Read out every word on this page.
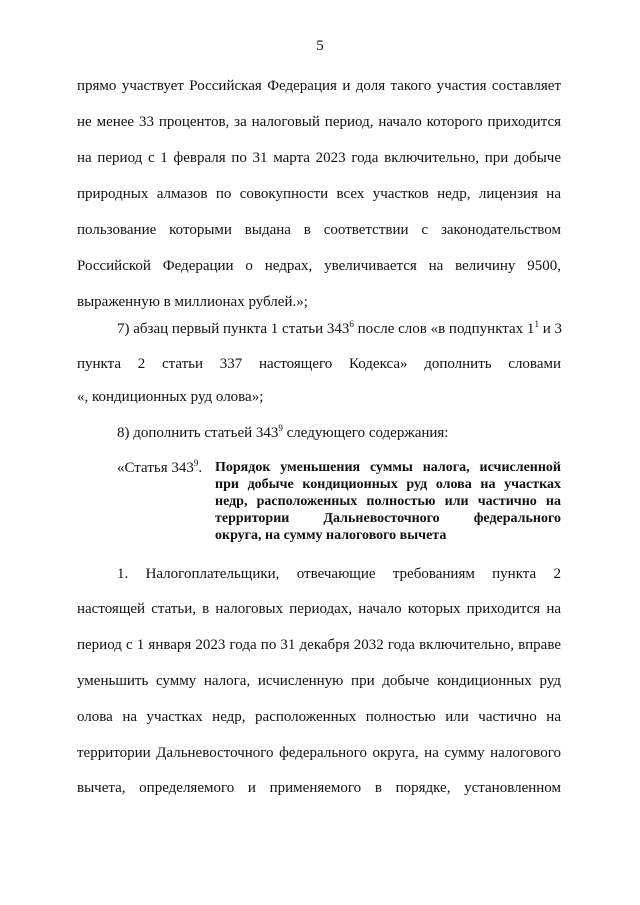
5
прямо участвует Российская Федерация и доля такого участия составляет
не менее 33 процентов, за налоговый период, начало которого приходится
на период с 1 февраля по 31 марта 2023 года включительно, при добыче
природных алмазов по совокупности всех участков недр, лицензия на
пользование которыми выдана в соответствии с законодательством
Российской Федерации о недрах, увеличивается на величину 9500,
выраженную в миллионах рублей.»;
7) абзац первый пункта 1 статьи $343^6$ после слов «в подпунктах $1^1$ и 3
пункта 2 статьи 337 настоящего Кодекса» дополнить словами
«, кондиционных руд олова»;
8) дополнить статьей $343^9$ следующего содержания:
«Статья $343^9$. Порядок уменьшения суммы налога, исчисленной
при добыче кондиционных руд олова на участках
недр, расположенных полностью или частично на
территории Дальневосточного федерального
округа, на сумму налогового вычета
1. Налогоплательщики, отвечающие требованиям пункта 2
настоящей статьи, в налоговых периодах, начало которых приходится на
период с 1 января 2023 года по 31 декабря 2032 года включительно, вправе
уменьшить сумму налога, исчисленную при добыче кондиционных руд
олова на участках недр, расположенных полностью или частично на
территории Дальневосточного федерального округа, на сумму налогового
вычета, определяемого и применяемого в порядке, установленном
